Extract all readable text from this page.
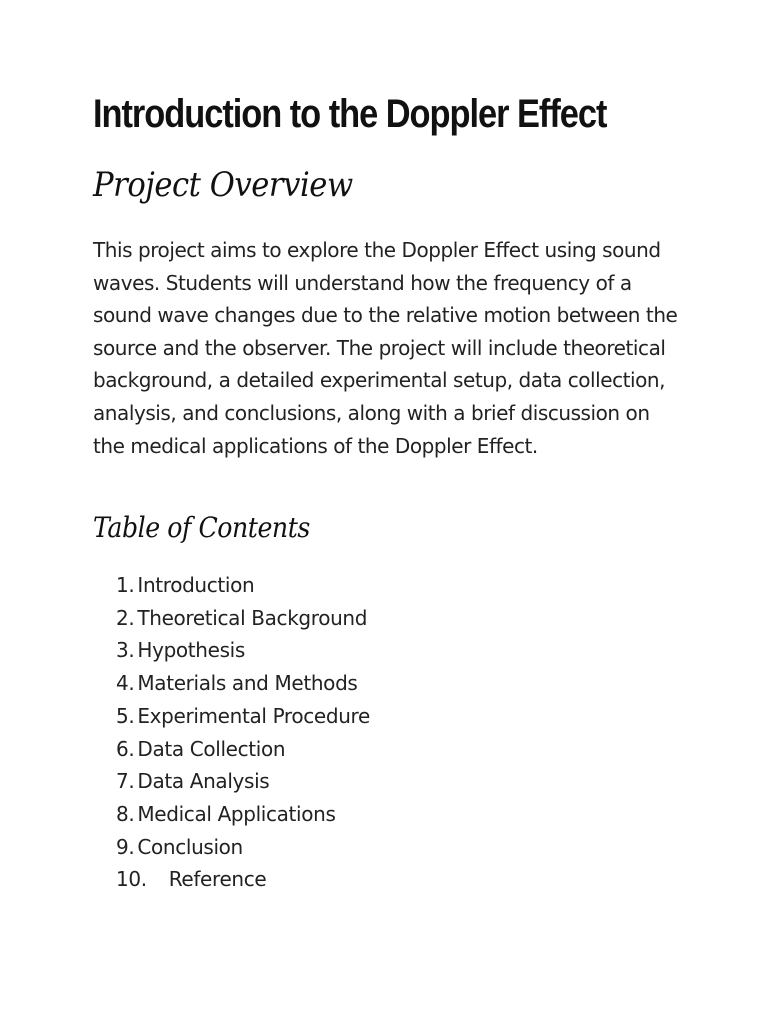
Introduction to the Doppler Effect
Project Overview

This project aims to explore the Doppler Effect using sound waves. Students will understand how the frequency of a sound wave changes due to the relative motion between the source and the observer. The project will include theoretical background, a detailed experimental setup, data collection, analysis, and conclusions, along with a brief discussion on the medical applications of the Doppler Effect.

Table of Contents
1. Introduction
2. Theoretical Background
3. Hypothesis
4. Materials and Methods
5. Experimental Procedure
6. Data Collection
7. Data Analysis
8. Medical Applications
9. Conclusion
10. Reference
